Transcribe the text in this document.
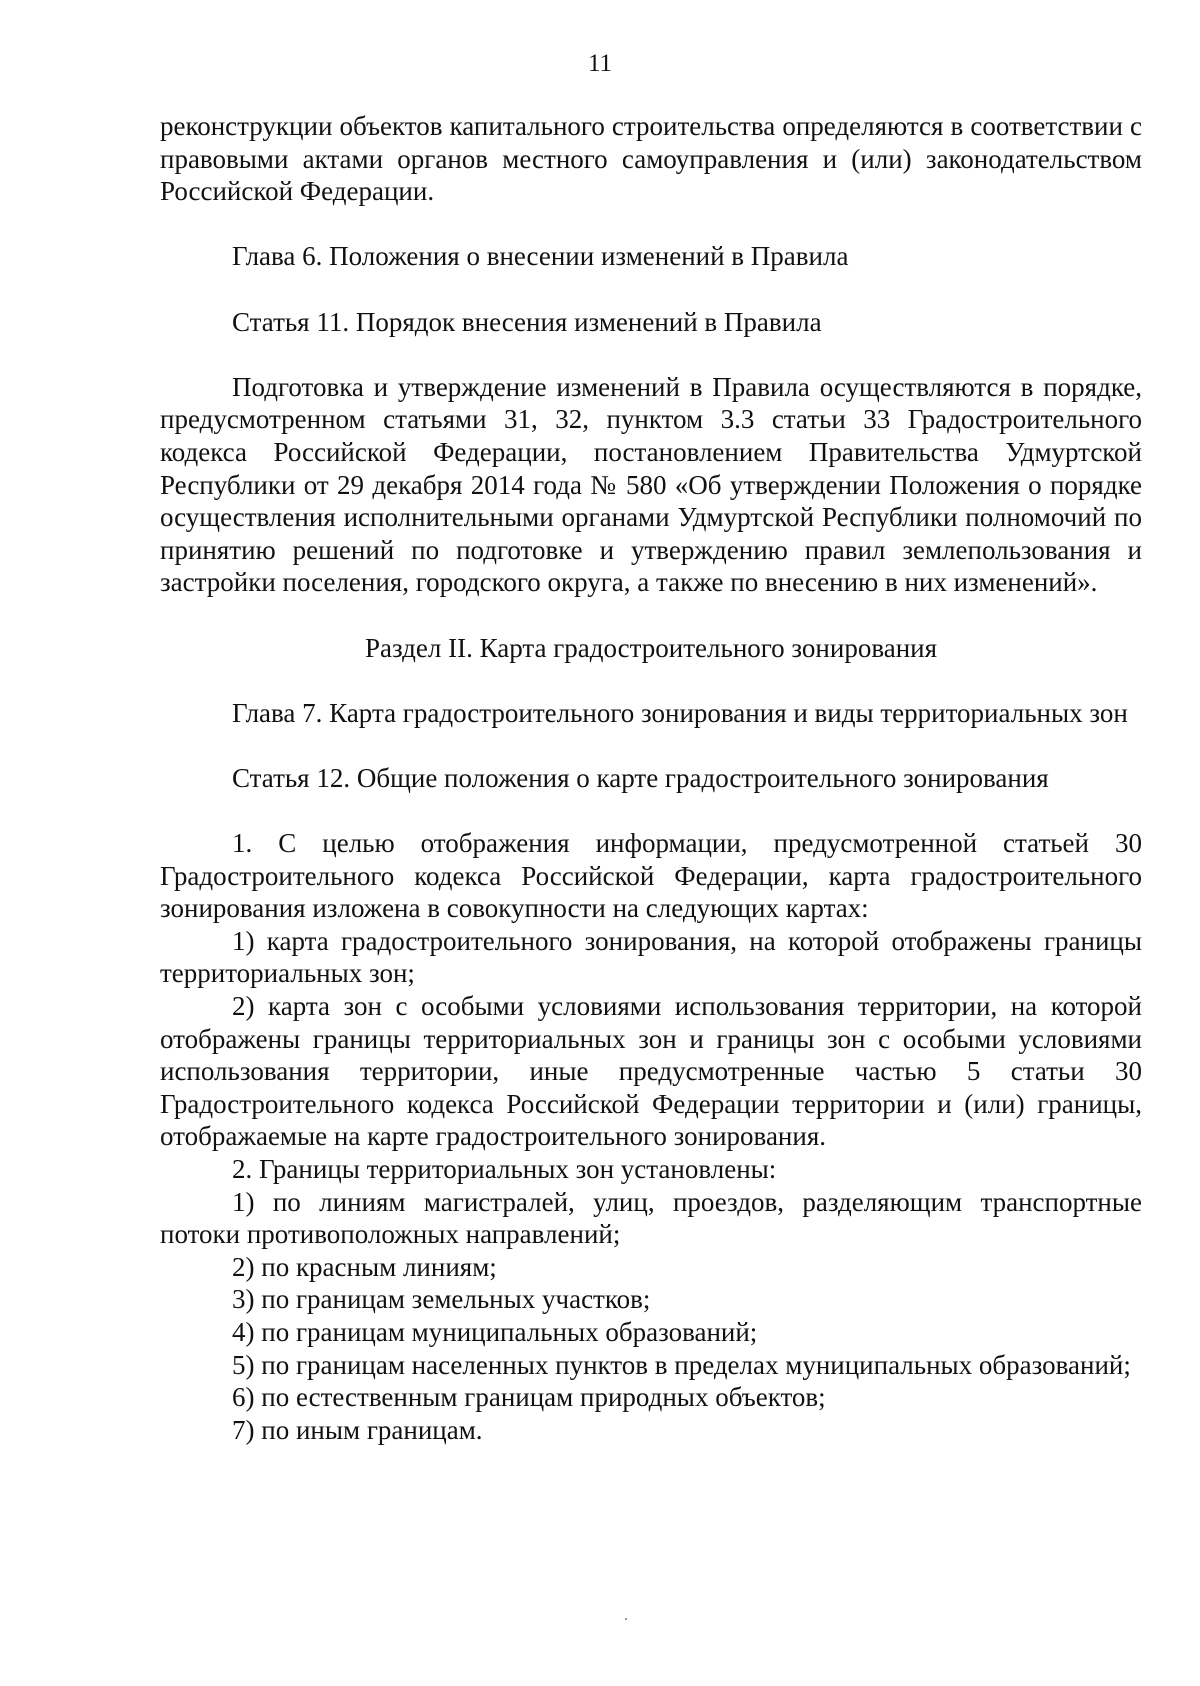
11

реконструкции объектов капитального строительства определяются в соответствии с правовыми актами органов местного самоуправления и (или) законодательством Российской Федерации.

Глава 6. Положения о внесении изменений в Правила

Статья 11. Порядок внесения изменений в Правила

Подготовка и утверждение изменений в Правила осуществляются в порядке, предусмотренном статьями 31, 32, пунктом 3.3 статьи 33 Градостроительного кодекса Российской Федерации, постановлением Правительства Удмуртской Республики от 29 декабря 2014 года № 580 «Об утверждении Положения о порядке осуществления исполнительными органами Удмуртской Республики полномочий по принятию решений по подготовке и утверждению правил землепользования и застройки поселения, городского округа, а также по внесению в них изменений».

Раздел II. Карта градостроительного зонирования

Глава 7. Карта градостроительного зонирования и виды территориальных зон

Статья 12. Общие положения о карте градостроительного зонирования

1. С целью отображения информации, предусмотренной статьей 30 Градостроительного кодекса Российской Федерации, карта градостроительного зонирования изложена в совокупности на следующих картах:

1) карта градостроительного зонирования, на которой отображены границы территориальных зон;

2) карта зон с особыми условиями использования территории, на которой отображены границы территориальных зон и границы зон с особыми условиями использования территории, иные предусмотренные частью 5 статьи 30 Градостроительного кодекса Российской Федерации территории и (или) границы, отображаемые на карте градостроительного зонирования.

2. Границы территориальных зон установлены:

1) по линиям магистралей, улиц, проездов, разделяющим транспортные потоки противоположных направлений;

2) по красным линиям;

3) по границам земельных участков;

4) по границам муниципальных образований;

5) по границам населенных пунктов в пределах муниципальных образований;

6) по естественным границам природных объектов;

7) по иным границам.
